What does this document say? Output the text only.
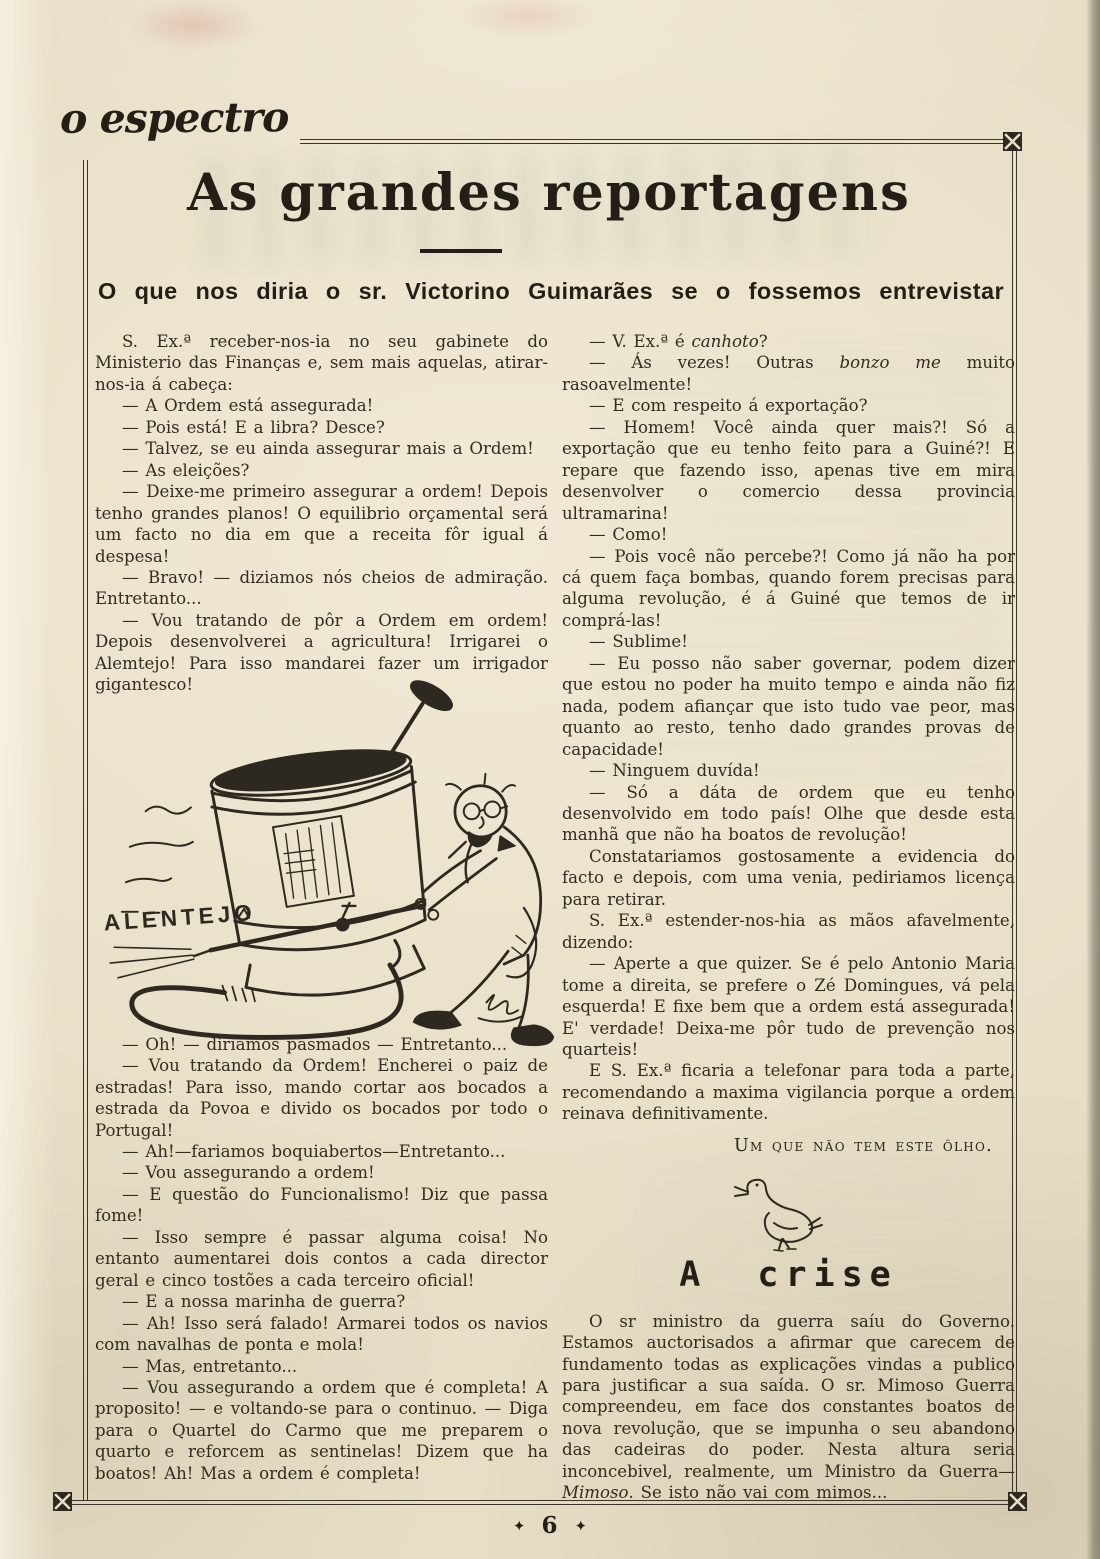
o espectro
As grandes reportagens
O que nos diria o sr. Victorino Guimarães se o fossemos entrevistar

S. Ex.ª receber-nos-ia no seu gabinete do Ministerio das Finanças e, sem mais aquelas, atirar-nos-ia á cabeça:

— A Ordem está assegurada!

— Pois está! E a libra? Desce?

— Talvez, se eu ainda assegurar mais a Ordem!

— As eleições?

— Deixe-me primeiro assegurar a ordem! Depois tenho grandes planos! O equilibrio orçamental será um facto no dia em que a receita fôr igual á despesa!

— Bravo! — diziamos nós cheios de admiração. Entretanto...

— Vou tratando de pôr a Ordem em ordem! Depois desenvolverei a agricultura! Irrigarei o Alemtejo! Para isso mandarei fazer um irrigador gigantesco!

ALENTEJO

— Oh! — diriamos pasmados — Entretanto...

— Vou tratando da Ordem! Encherei o paiz de estradas! Para isso, mando cortar aos bocados a estrada da Povoa e divido os bocados por todo o Portugal!

— Ah!—fariamos boquiabertos—Entretanto...

— Vou assegurando a ordem!

— E questão do Funcionalismo! Diz que passa fome!

— Isso sempre é passar alguma coisa! No entanto aumentarei dois contos a cada director geral e cinco tostões a cada terceiro oficial!

— E a nossa marinha de guerra?

— Ah! Isso será falado! Armarei todos os navios com navalhas de ponta e mola!

— Mas, entretanto...

— Vou assegurando a ordem que é completa! A proposito! — e voltando-se para o continuo. — Diga para o Quartel do Carmo que me preparem o quarto e reforcem as sentinelas! Dizem que ha boatos! Ah! Mas a ordem é completa!

— V. Ex.ª é canhoto?

— Ás vezes! Outras bonzo me muito rasoavelmente!

— E com respeito á exportação?

— Homem! Você ainda quer mais?! Só a exportação que eu tenho feito para a Guiné?! E repare que fazendo isso, apenas tive em mira desenvolver o comercio dessa provincia ultramarina!

— Como!

— Pois você não percebe?! Como já não ha por cá quem faça bombas, quando forem precisas para alguma revolução, é á Guiné que temos de ir comprá-las!

— Sublime!

— Eu posso não saber governar, podem dizer que estou no poder ha muito tempo e ainda não fiz nada, podem afiançar que isto tudo vae peor, mas quanto ao resto, tenho dado grandes provas de capacidade!

— Ninguem duvída!

— Só a dáta de ordem que eu tenho desenvolvido em todo país! Olhe que desde esta manhã que não ha boatos de revolução!

Constatariamos gostosamente a evidencia do facto e depois, com uma venia, pediriamos licença para retirar.

S. Ex.ª estender-nos-hia as mãos afavelmente, dizendo:

— Aperte a que quizer. Se é pelo Antonio Maria tome a direita, se prefere o Zé Domingues, vá pela esquerda! E fixe bem que a ordem está assegurada! E' verdade! Deixa-me pôr tudo de prevenção nos quarteis!

E S. Ex.ª ficaria a telefonar para toda a parte, recomendando a maxima vigilancia porque a ordem reinava definitivamente.

Um que não tem este ôlho.
A crise

O sr ministro da guerra saíu do Governo. Estamos auctorisados a afirmar que carecem de fundamento todas as explicações vindas a publico para justificar a sua saída. O sr. Mimoso Guerra compreendeu, em face dos constantes boatos de nova revolução, que se impunha o seu abandono das cadeiras do poder. Nesta altura seria inconcebivel, realmente, um Ministro da Guerra—Mimoso. Se isto não vai com mimos...

✦ 6 ✦
